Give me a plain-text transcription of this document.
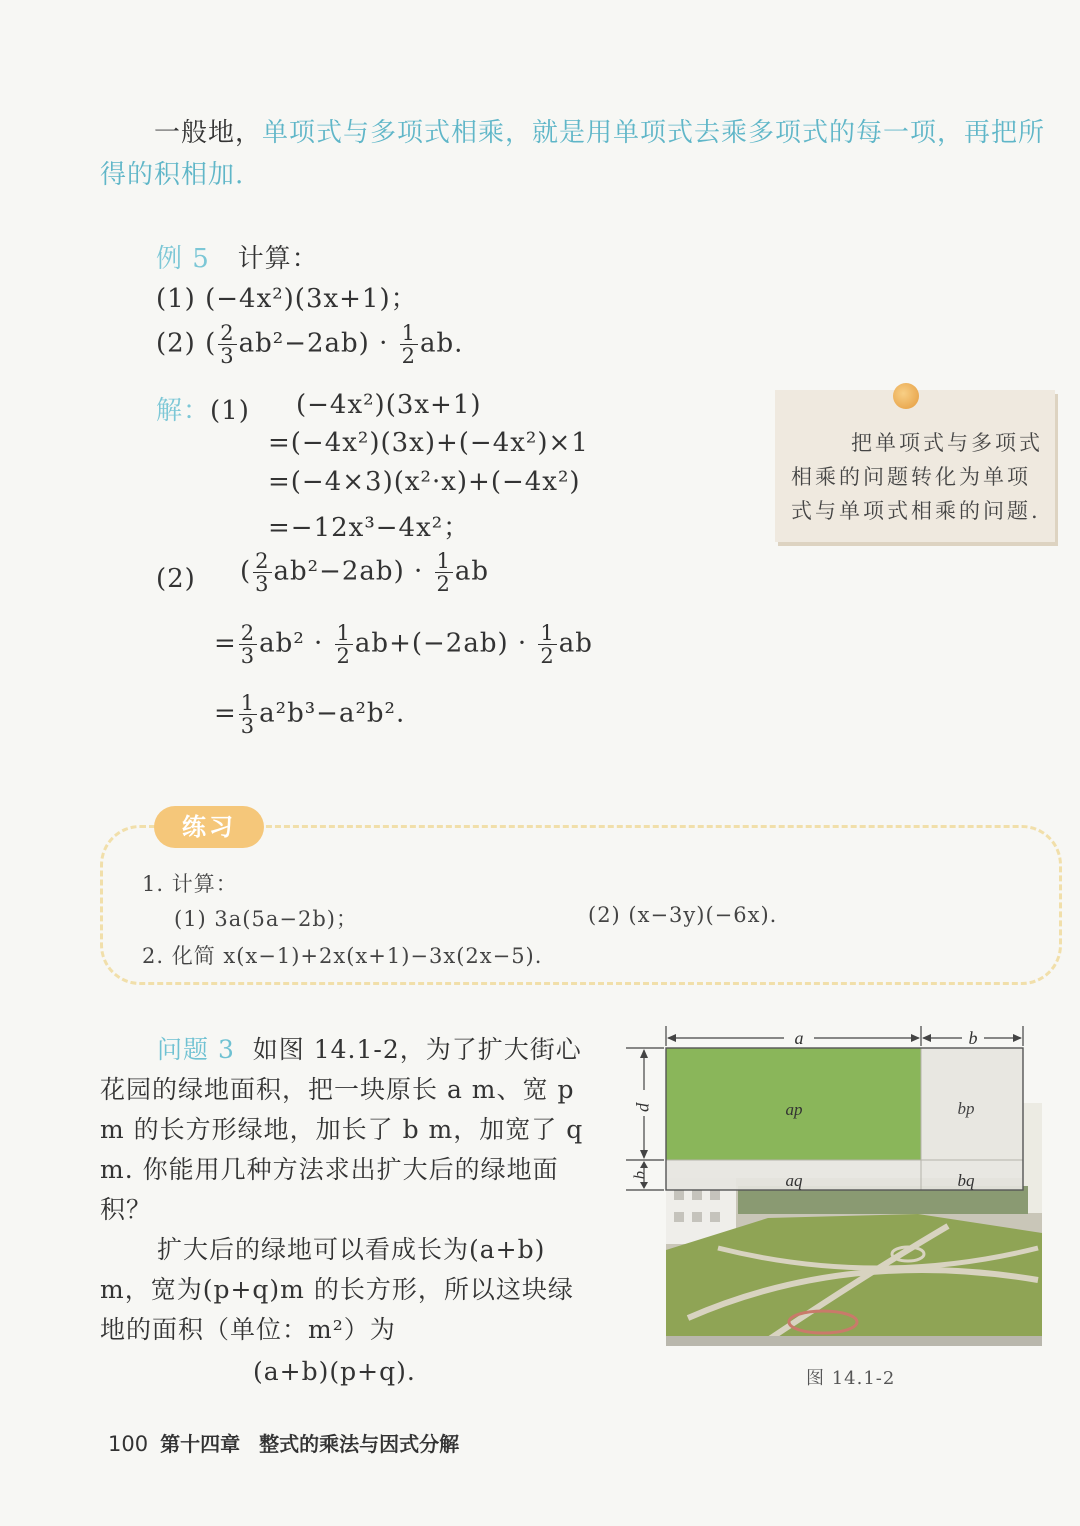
一般地，单项式与多项式相乘，就是用单项式去乘多项式的每一项，再把所得的积相加.
例 5 计算：
(1) (−4x²)(3x+1)；
(2) ( $\frac{2}{3} ab^2-2ab) \cdot \frac{1}{2}$ ab.
解：(1) (−4x²)(3x+1)
=(−4x²)(3x)+(−4x²)×1
=(−4×3)(x²·x)+(−4x²)
=−12x³−4x²；
(2) ( $\frac{2}{3} ab^2-2ab) \cdot \frac{1}{2}$ ab
= $\frac{2}{3} ab^2 \cdot \frac{1}{2} ab+(-2ab) \cdot \frac{1}{2}$ ab
= $\frac{1}{3} a^2b^3-a^2b^2$.
把单项式与多项式相乘的问题转化为单项式与单项式相乘的问题.
练习
1. 计算：
(1) 3a(5a−2b)；	(2) (x−3y)(−6x).
2. 化简 x(x−1)+2x(x+1)−3x(2x−5).

问题 3 如图 14.1-2，为了扩大街心花园的绿地面积，把一块原长 a m、宽 p m 的长方形绿地，加长了 b m，加宽了 q m. 你能用几种方法求出扩大后的绿地面积？

扩大后的绿地可以看成长为(a+b) m，宽为(p+q)m 的长方形，所以这块绿地的面积（单位：m²）为

(a+b)(p+q).

a	b
p
q
ap	bp
aq	bq
图 14.1-2
100 第十四章 整式的乘法与因式分解
